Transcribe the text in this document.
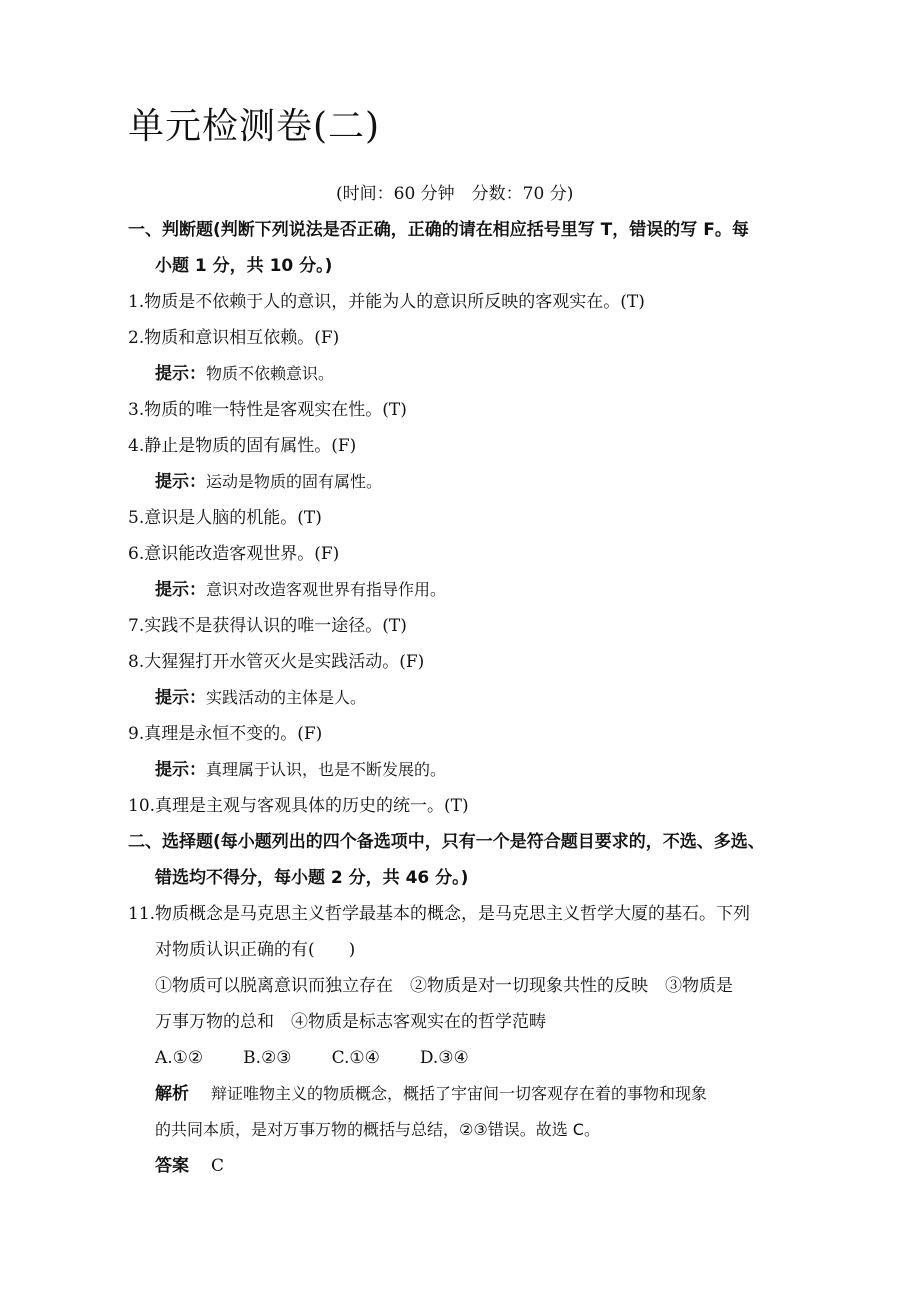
单元检测卷(二)
(时间：60 分钟　分数：70 分)
一、判断题(判断下列说法是否正确，正确的请在相应括号里写 T，错误的写 F。每
小题 1 分，共 10 分。)
1.物质是不依赖于人的意识，并能为人的意识所反映的客观实在。(T)
2.物质和意识相互依赖。(F)
提示：物质不依赖意识。
3.物质的唯一特性是客观实在性。(T)
4.静止是物质的固有属性。(F)
提示：运动是物质的固有属性。
5.意识是人脑的机能。(T)
6.意识能改造客观世界。(F)
提示：意识对改造客观世界有指导作用。
7.实践不是获得认识的唯一途径。(T)
8.大猩猩打开水管灭火是实践活动。(F)
提示：实践活动的主体是人。
9.真理是永恒不变的。(F)
提示：真理属于认识，也是不断发展的。
10.真理是主观与客观具体的历史的统一。(T)
二、选择题(每小题列出的四个备选项中，只有一个是符合题目要求的，不选、多选、
错选均不得分，每小题 2 分，共 46 分。)
11.物质概念是马克思主义哲学最基本的概念，是马克思主义哲学大厦的基石。下列
对物质认识正确的有(　　)
①物质可以脱离意识而独立存在　②物质是对一切现象共性的反映　③物质是
万事万物的总和　④物质是标志客观实在的哲学范畴
A.①② B.②③ C.①④ D.③④
解析 辩证唯物主义的物质概念，概括了宇宙间一切客观存在着的事物和现象
的共同本质，是对万事万物的概括与总结，②③错误。故选 C。
答案 C
